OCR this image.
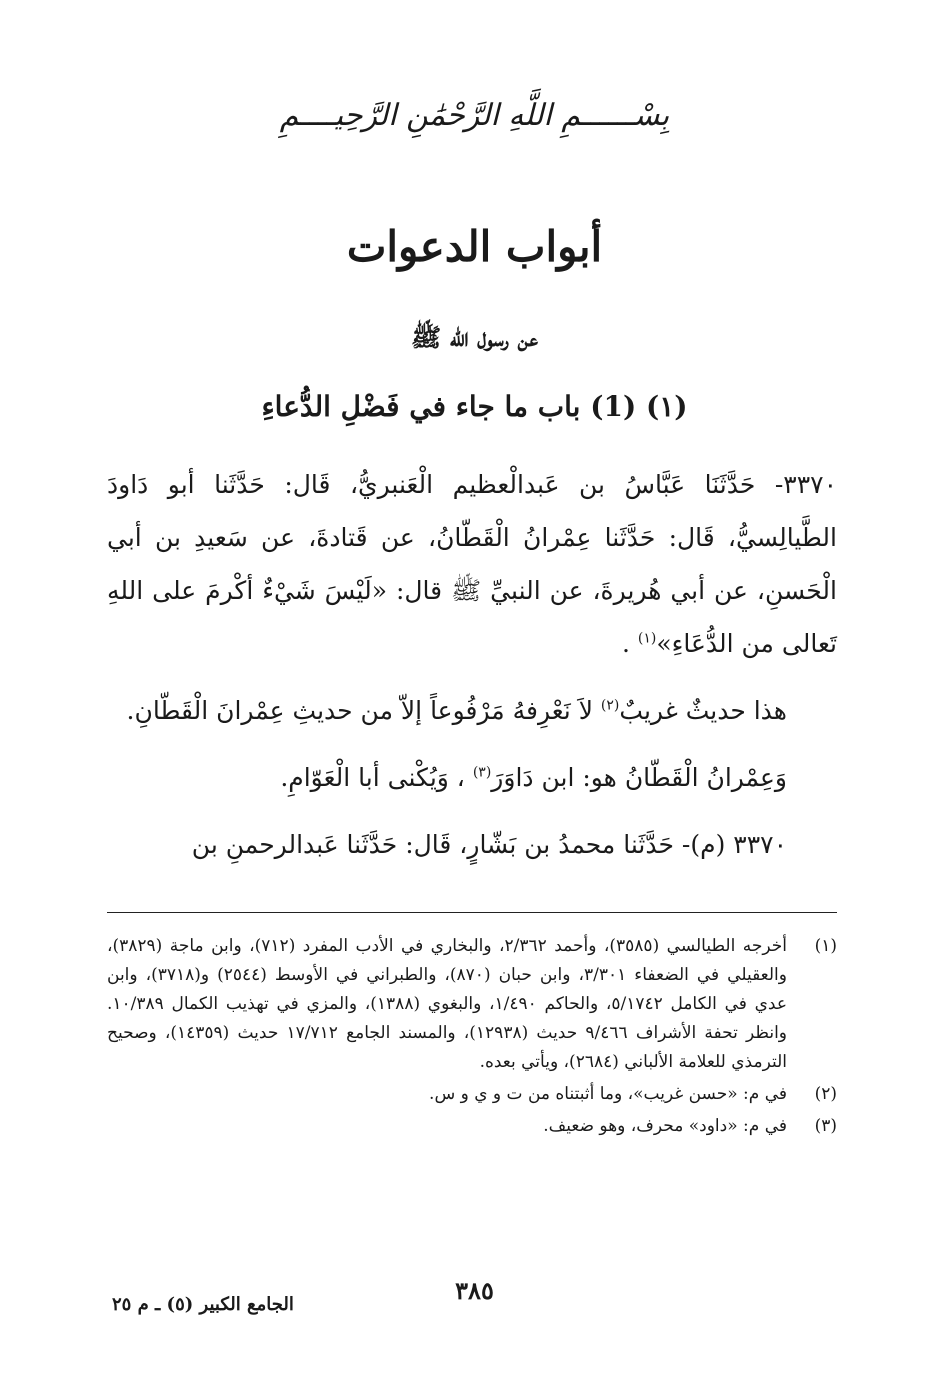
بِسْــــــمِ اللَّهِ الرَّحْمَٰنِ الرَّحِيــــمِ
أبواب الدعوات
عن رسول الله ﷺ
(١) (1) باب ما جاء في فَضْلِ الدُّعاءِ

٣٣٧٠- حَدَّثَنَا عَبَّاسُ بن عَبدالْعظيم الْعَنبريُّ، قَال: حَدَّثَنا أبو دَاودَ الطَّيالِسيُّ، قَال: حَدَّثَنا عِمْرانُ الْقَطّانُ، عن قَتادةَ، عن سَعيدِ بن أبي الْحَسنِ، عن أبي هُريرةَ، عن النبيِّ ﷺ قال: «لَيْسَ شَيْءٌ أكْرمَ على اللهِ تَعالى من الدُّعَاءِ»$^{(١)}$ .

هذا حديثٌ غريبٌ$^{(٢)}$ لاَ نَعْرِفهُ مَرْفُوعاً إلاّ من حديثِ عِمْرانَ الْقَطّانِ.

وَعِمْرانُ الْقَطّانُ هو: ابن دَاوَرَ$^{(٣)}$ ، وَيُكْنى أبا الْعَوّامِ.

٣٣٧٠ (م)- حَدَّثَنا محمدُ بن بَشّارٍ، قَال: حَدَّثَنا عَبدالرحمنِ بن

(١)
أخرجه الطيالسي (٣٥٨٥)، وأحمد ٢/٣٦٢، والبخاري في الأدب المفرد (٧١٢)، وابن ماجة (٣٨٢٩)، والعقيلي في الضعفاء ٣/٣٠١، وابن حبان (٨٧٠)، والطبراني في الأوسط (٢٥٤٤) و(٣٧١٨)، وابن عدي في الكامل ٥/١٧٤٢، والحاكم ١/٤٩٠، والبغوي (١٣٨٨)، والمزي في تهذيب الكمال ١٠/٣٨٩. وانظر تحفة الأشراف ٩/٤٦٦ حديث (١٢٩٣٨)، والمسند الجامع ١٧/٧١٢ حديث (١٤٣٥٩)، وصحيح الترمذي للعلامة الألباني (٢٦٨٤)، ويأتي بعده.
(٢)
في م: «حسن غريب»، وما أثبتناه من ت و ي و س.
(٣)
في م: «داود» محرف، وهو ضعيف.
٣٨٥
الجامع الكبير (٥) ـ م ٢٥
